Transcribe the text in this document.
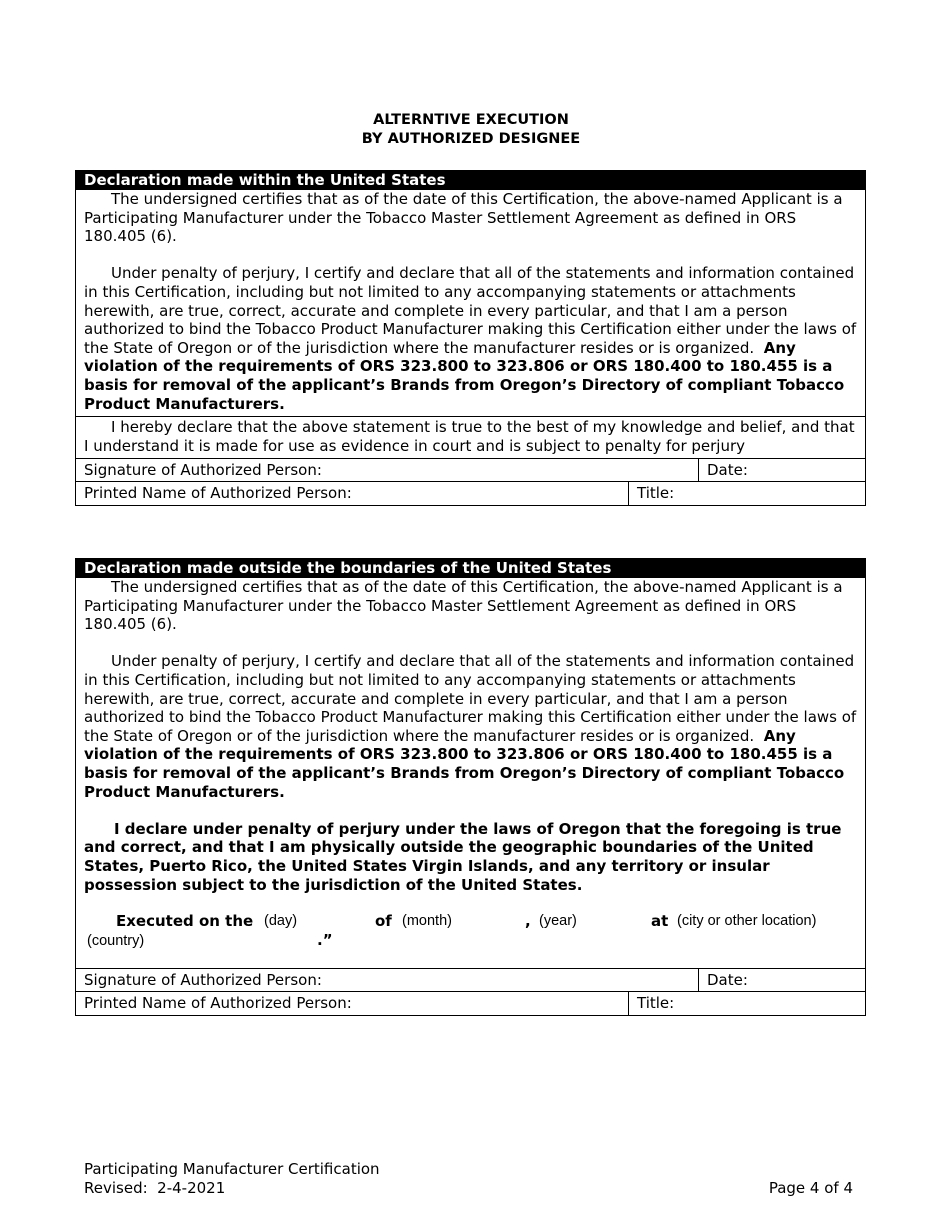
ALTERNTIVE EXECUTION
BY AUTHORIZED DESIGNEE
Declaration made within the United States
The undersigned certifies that as of the date of this Certification, the above-named Applicant is a Participating Manufacturer under the Tobacco Master Settlement Agreement as defined in ORS 180.405 (6).
Under penalty of perjury, I certify and declare that all of the statements and information contained in this Certification, including but not limited to any accompanying statements or attachments herewith, are true, correct, accurate and complete in every particular, and that I am a person authorized to bind the Tobacco Product Manufacturer making this Certification either under the laws of the State of Oregon or of the jurisdiction where the manufacturer resides or is organized. Any violation of the requirements of ORS 323.800 to 323.806 or ORS 180.400 to 180.455 is a basis for removal of the applicant’s Brands from Oregon’s Directory of compliant Tobacco Product Manufacturers.
I hereby declare that the above statement is true to the best of my knowledge and belief, and that I understand it is made for use as evidence in court and is subject to penalty for perjury
Signature of Authorized Person:	Date:
Printed Name of Authorized Person:	Title:
Declaration made outside the boundaries of the United States
The undersigned certifies that as of the date of this Certification, the above-named Applicant is a Participating Manufacturer under the Tobacco Master Settlement Agreement as defined in ORS 180.405 (6).
Under penalty of perjury, I certify and declare that all of the statements and information contained in this Certification, including but not limited to any accompanying statements or attachments herewith, are true, correct, accurate and complete in every particular, and that I am a person authorized to bind the Tobacco Product Manufacturer making this Certification either under the laws of the State of Oregon or of the jurisdiction where the manufacturer resides or is organized. Any violation of the requirements of ORS 323.800 to 323.806 or ORS 180.400 to 180.455 is a basis for removal of the applicant’s Brands from Oregon’s Directory of compliant Tobacco Product Manufacturers.
I declare under penalty of perjury under the laws of Oregon that the foregoing is true and correct, and that I am physically outside the geographic boundaries of the United States, Puerto Rico, the United States Virgin Islands, and any territory or insular possession subject to the jurisdiction of the United States.
Executed on the (day)	of (month)	, (year)	at (city or other location)
(country)	.”
Signature of Authorized Person:	Date:
Printed Name of Authorized Person:	Title:
Participating Manufacturer Certification
Revised:  2-4-2021	Page 4 of 4
